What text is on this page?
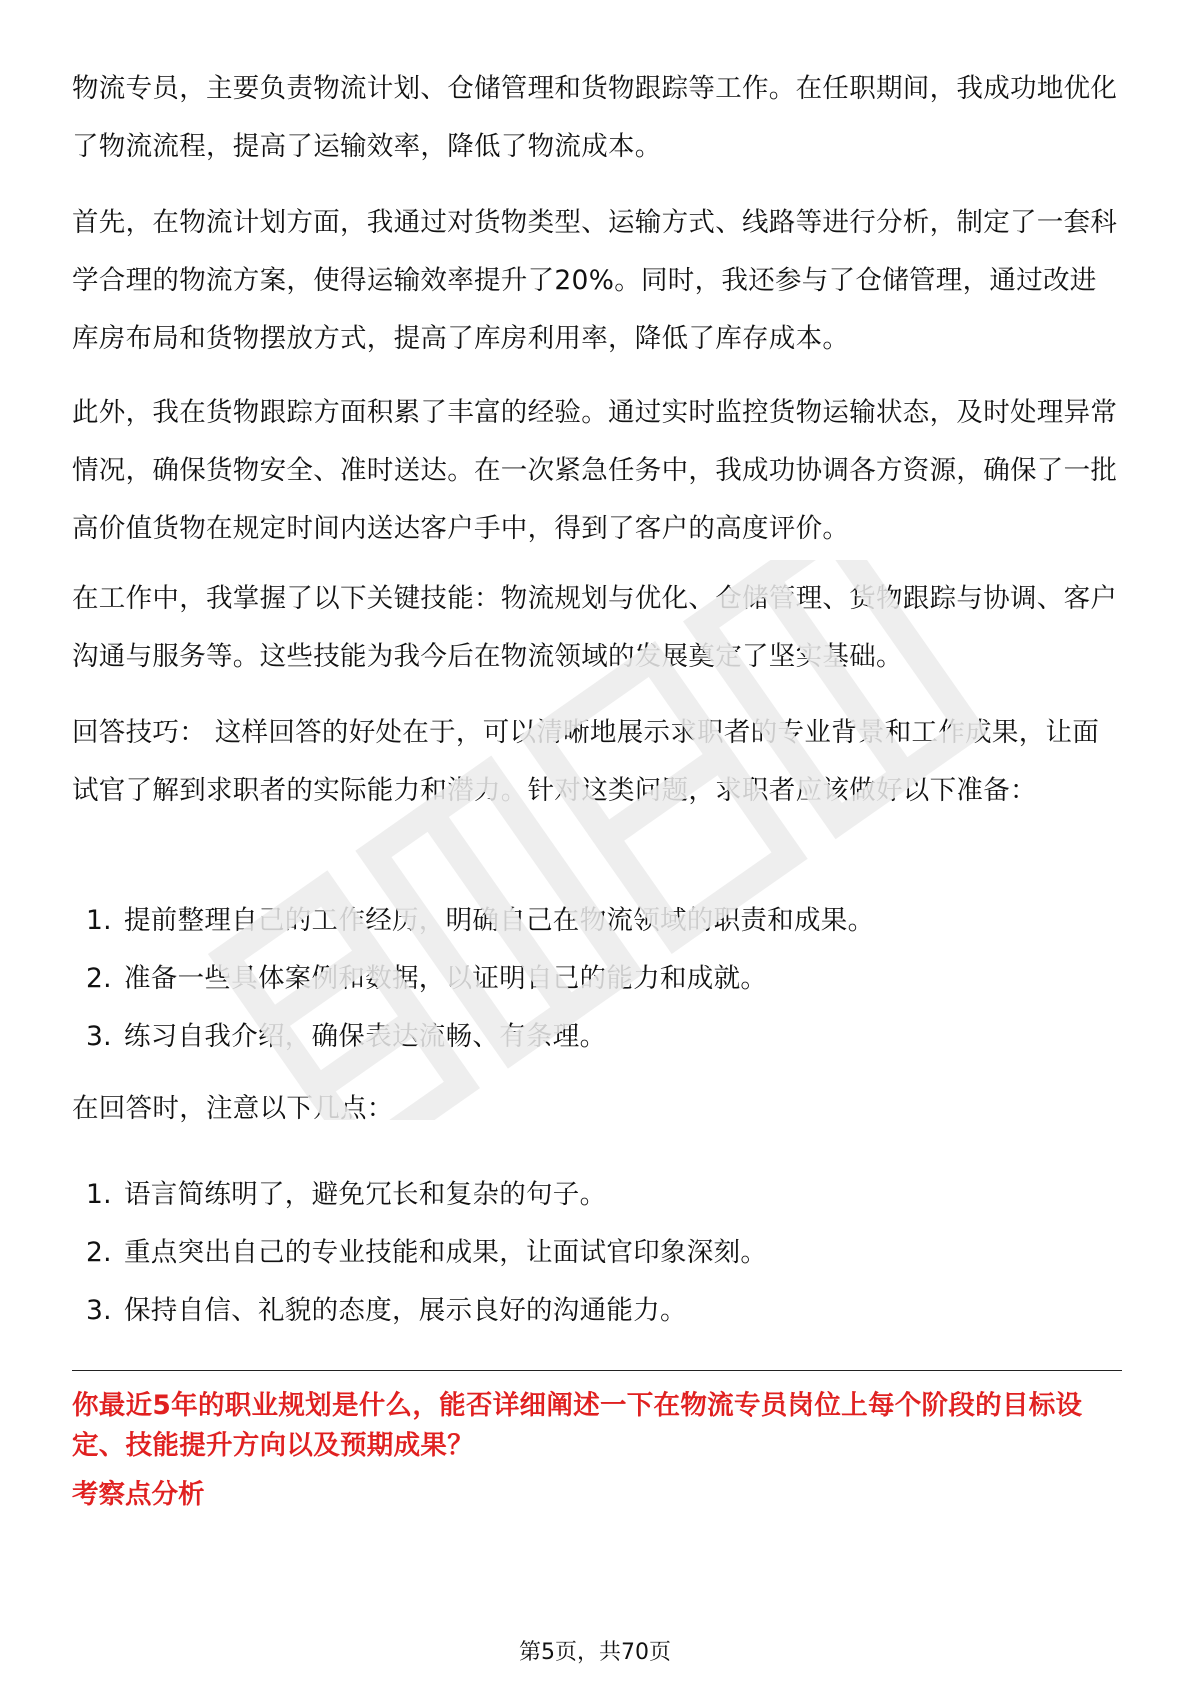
物流专员，主要负责物流计划、仓储管理和货物跟踪等工作。在任职期间，我成功地优化了物流流程，提高了运输效率，降低了物流成本。

首先，在物流计划方面，我通过对货物类型、运输方式、线路等进行分析，制定了一套科学合理的物流方案，使得运输效率提升了20%。同时，我还参与了仓储管理，通过改进库房布局和货物摆放方式，提高了库房利用率，降低了库存成本。

此外，我在货物跟踪方面积累了丰富的经验。通过实时监控货物运输状态，及时处理异常情况，确保货物安全、准时送达。在一次紧急任务中，我成功协调各方资源，确保了一批高价值货物在规定时间内送达客户手中，得到了客户的高度评价。

在工作中，我掌握了以下关键技能：物流规划与优化、仓储管理、货物跟踪与协调、客户沟通与服务等。这些技能为我今后在物流领域的发展奠定了坚实基础。

回答技巧： 这样回答的好处在于，可以清晰地展示求职者的专业背景和工作成果，让面试官了解到求职者的实际能力和潜力。针对这类问题，求职者应该做好以下准备：

1. 提前整理自己的工作经历，明确自己在物流领域的职责和成果。
2. 准备一些具体案例和数据，以证明自己的能力和成就。
3. 练习自我介绍，确保表达流畅、有条理。

在回答时，注意以下几点：

1. 语言简练明了，避免冗长和复杂的句子。
2. 重点突出自己的专业技能和成果，让面试官印象深刻。
3. 保持自信、礼貌的态度，展示良好的沟通能力。

你最近5年的职业规划是什么，能否详细阐述一下在物流专员岗位上每个阶段的目标设定、技能提升方向以及预期成果？

考察点分析

第5页，共70页
